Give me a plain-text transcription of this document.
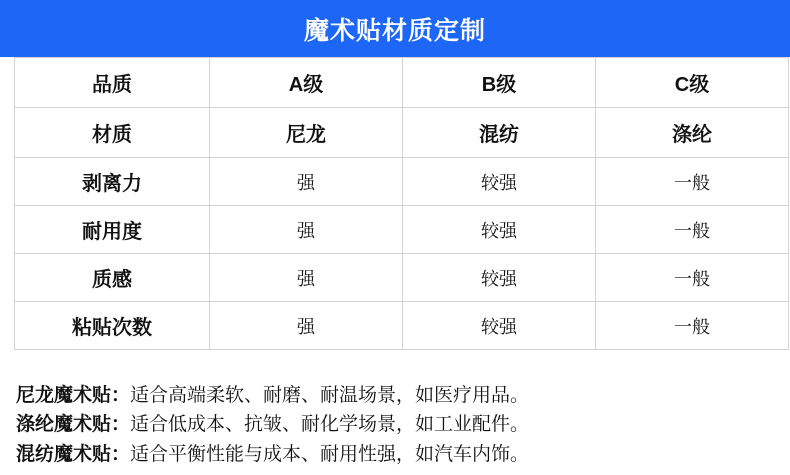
魔术贴材质定制
品质	A级	B级	C级
材质	尼龙	混纺	涤纶
剥离力	强	较强	一般
耐用度	强	较强	一般
质感	强	较强	一般
粘贴次数	强	较强	一般
尼龙魔术贴：适合高端柔软、耐磨、耐温场景，如医疗用品。
涤纶魔术贴：适合低成本、抗皱、耐化学场景，如工业配件。
混纺魔术贴：适合平衡性能与成本、耐用性强，如汽车内饰。
